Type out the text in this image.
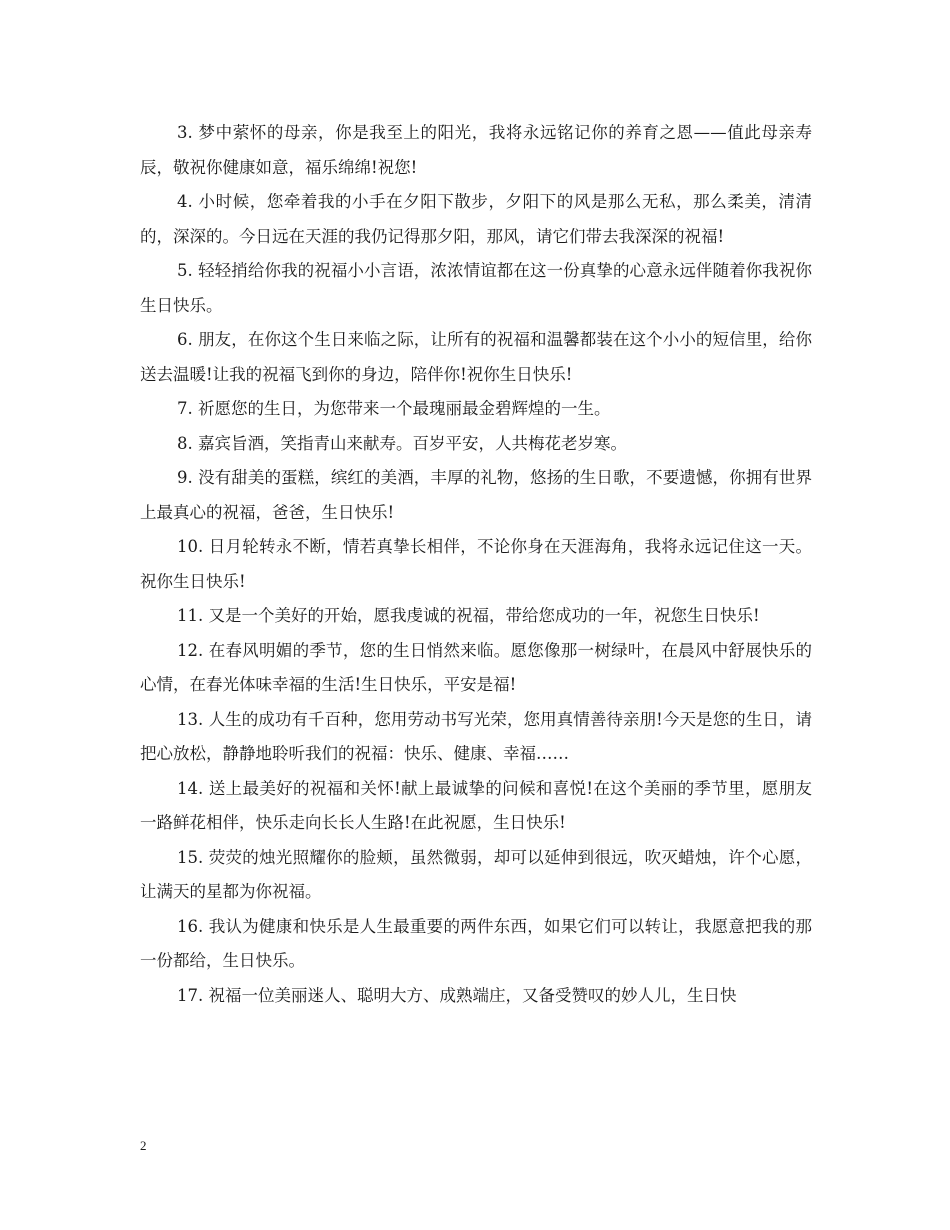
3. 梦中萦怀的母亲，你是我至上的阳光，我将永远铭记你的养育之恩——值此母亲寿辰，敬祝你健康如意，福乐绵绵!祝您!

4. 小时候，您牵着我的小手在夕阳下散步，夕阳下的风是那么无私，那么柔美，清清的，深深的。今日远在天涯的我仍记得那夕阳，那风，请它们带去我深深的祝福!

5. 轻轻捎给你我的祝福小小言语，浓浓情谊都在这一份真挚的心意永远伴随着你我祝你生日快乐。

6. 朋友，在你这个生日来临之际，让所有的祝福和温馨都装在这个小小的短信里，给你送去温暖!让我的祝福飞到你的身边，陪伴你!祝你生日快乐!

7. 祈愿您的生日，为您带来一个最瑰丽最金碧辉煌的一生。

8. 嘉宾旨酒，笑指青山来献寿。百岁平安，人共梅花老岁寒。

9. 没有甜美的蛋糕，缤红的美酒，丰厚的礼物，悠扬的生日歌，不要遗憾，你拥有世界上最真心的祝福，爸爸，生日快乐!

10. 日月轮转永不断，情若真挚长相伴，不论你身在天涯海角，我将永远记住这一天。祝你生日快乐!

11. 又是一个美好的开始，愿我虔诚的祝福，带给您成功的一年，祝您生日快乐!

12. 在春风明媚的季节，您的生日悄然来临。愿您像那一树绿叶，在晨风中舒展快乐的心情，在春光体味幸福的生活!生日快乐，平安是福!

13. 人生的成功有千百种，您用劳动书写光荣，您用真情善待亲朋!今天是您的生日，请把心放松，静静地聆听我们的祝福：快乐、健康、幸福……

14. 送上最美好的祝福和关怀!献上最诚挚的问候和喜悦!在这个美丽的季节里，愿朋友一路鲜花相伴，快乐走向长长人生路!在此祝愿，生日快乐!

15. 荧荧的烛光照耀你的脸颊，虽然微弱，却可以延伸到很远，吹灭蜡烛，许个心愿，让满天的星都为你祝福。

16. 我认为健康和快乐是人生最重要的两件东西，如果它们可以转让，我愿意把我的那一份都给，生日快乐。

17. 祝福一位美丽迷人、聪明大方、成熟端庄，又备受赞叹的妙人儿，生日快

2
